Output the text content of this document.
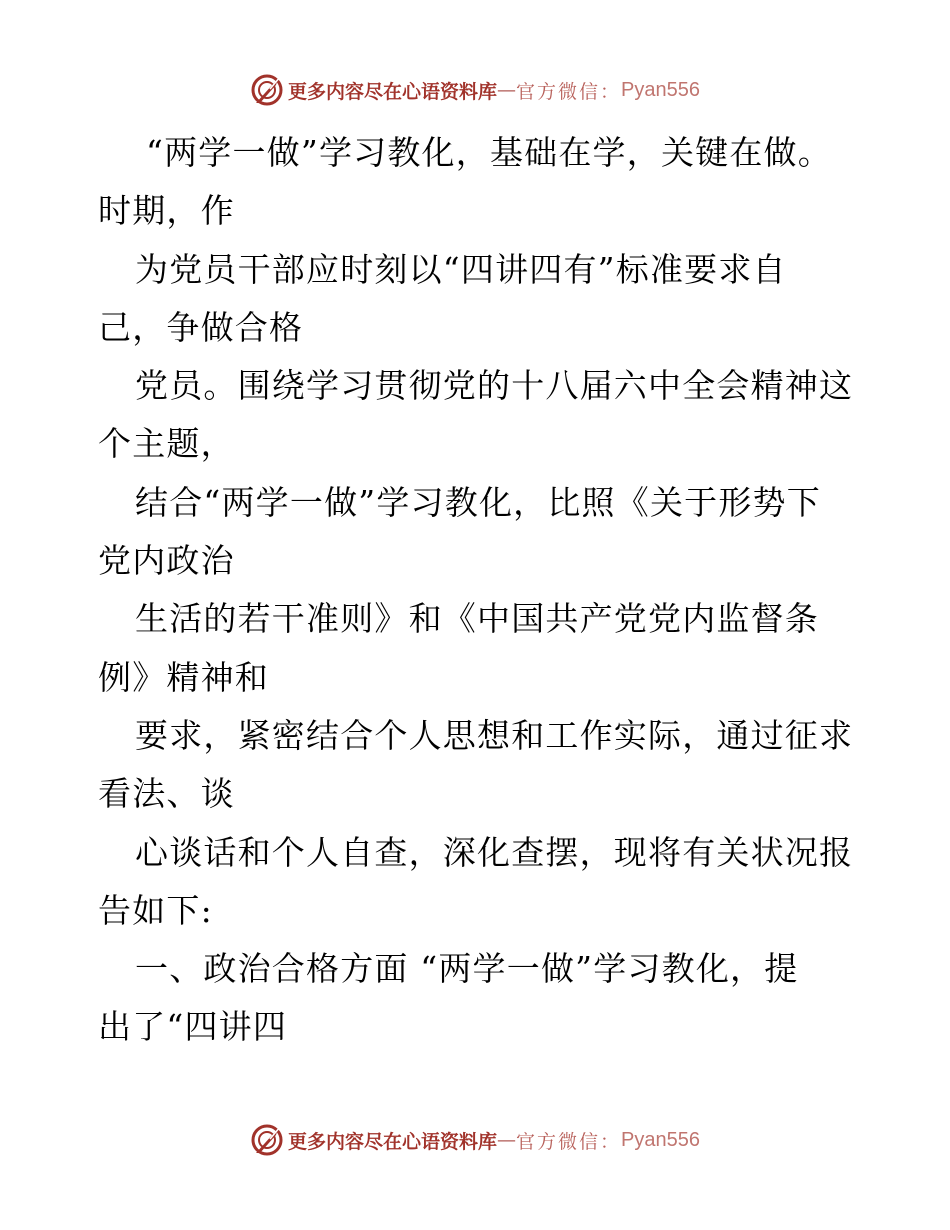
更多内容尽在心语资料库 — 官方微信： Pyan556
“两学一做”学习教化，基础在学，关键在做。
时期，作
为党员干部应时刻以“四讲四有”标准要求自
己，争做合格
党员。围绕学习贯彻党的十八届六中全会精神这
个主题，
结合“两学一做”学习教化，比照《关于形势下
党内政治
生活的若干准则》和《中国共产党党内监督条
例》精神和
要求，紧密结合个人思想和工作实际，通过征求
看法、谈
心谈话和个人自查，深化查摆，现将有关状况报
告如下:
一、政治合格方面 “两学一做”学习教化，提
出了“四讲四
更多内容尽在心语资料库 — 官方微信： Pyan556
